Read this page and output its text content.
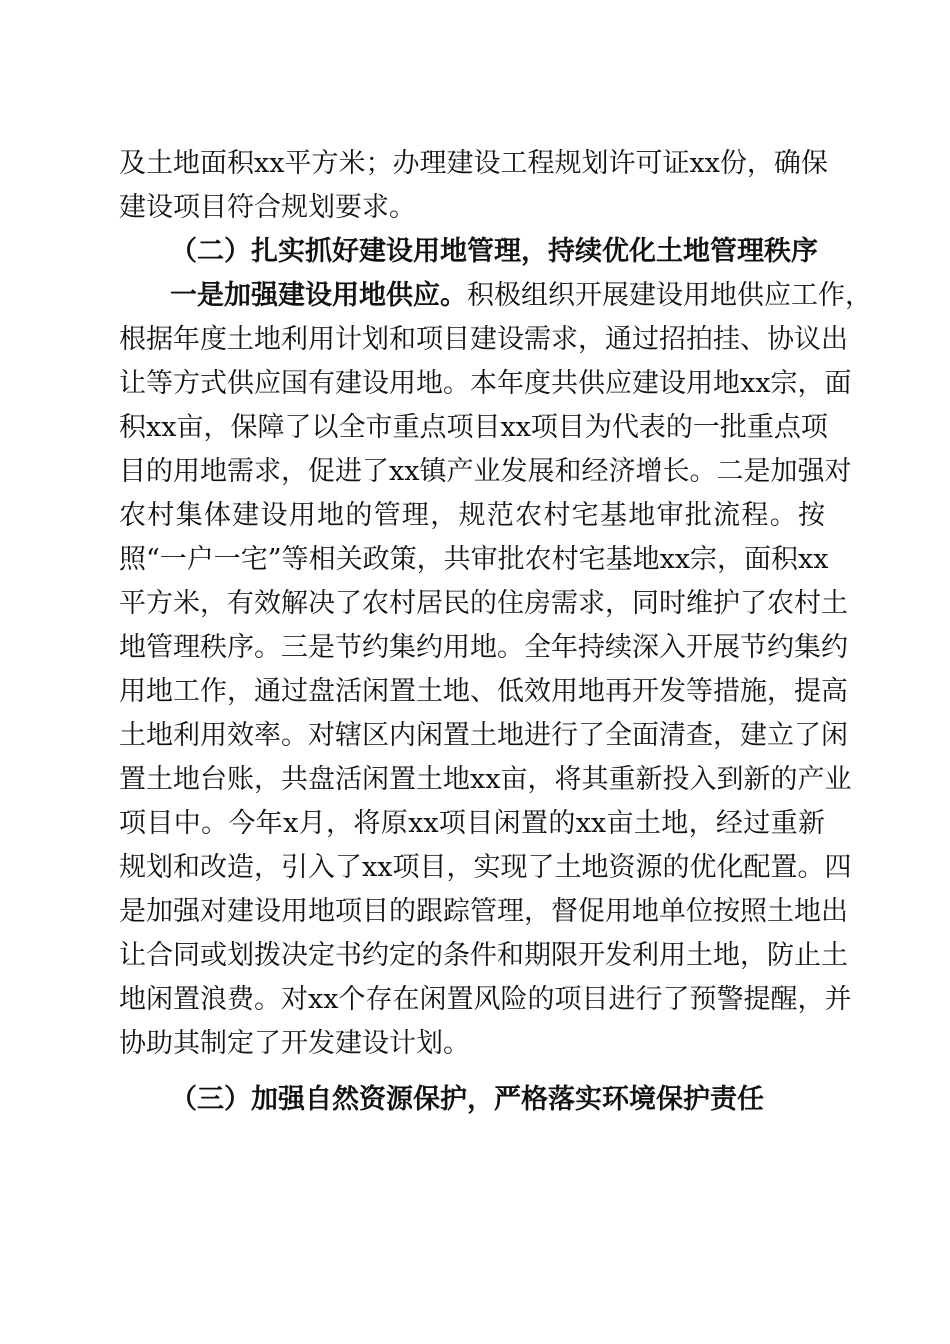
及土地面积xx平方米；办理建设工程规划许可证xx份，确保
建设项目符合规划要求。
（二）扎实抓好建设用地管理，持续优化土地管理秩序
一是加强建设用地供应。积极组织开展建设用地供应工作，
根据年度土地利用计划和项目建设需求，通过招拍挂、协议出
让等方式供应国有建设用地。本年度共供应建设用地xx宗，面
积xx亩，保障了以全市重点项目xx项目为代表的一批重点项
目的用地需求，促进了xx镇产业发展和经济增长。二是加强对
农村集体建设用地的管理，规范农村宅基地审批流程。按
照“一户一宅”等相关政策，共审批农村宅基地xx宗，面积xx
平方米，有效解决了农村居民的住房需求，同时维护了农村土
地管理秩序。三是节约集约用地。全年持续深入开展节约集约
用地工作，通过盘活闲置土地、低效用地再开发等措施，提高
土地利用效率。对辖区内闲置土地进行了全面清查，建立了闲
置土地台账，共盘活闲置土地xx亩，将其重新投入到新的产业
项目中。今年x月，将原xx项目闲置的xx亩土地，经过重新
规划和改造，引入了xx项目，实现了土地资源的优化配置。四
是加强对建设用地项目的跟踪管理，督促用地单位按照土地出
让合同或划拨决定书约定的条件和期限开发利用土地，防止土
地闲置浪费。对xx个存在闲置风险的项目进行了预警提醒，并
协助其制定了开发建设计划。
（三）加强自然资源保护，严格落实环境保护责任
